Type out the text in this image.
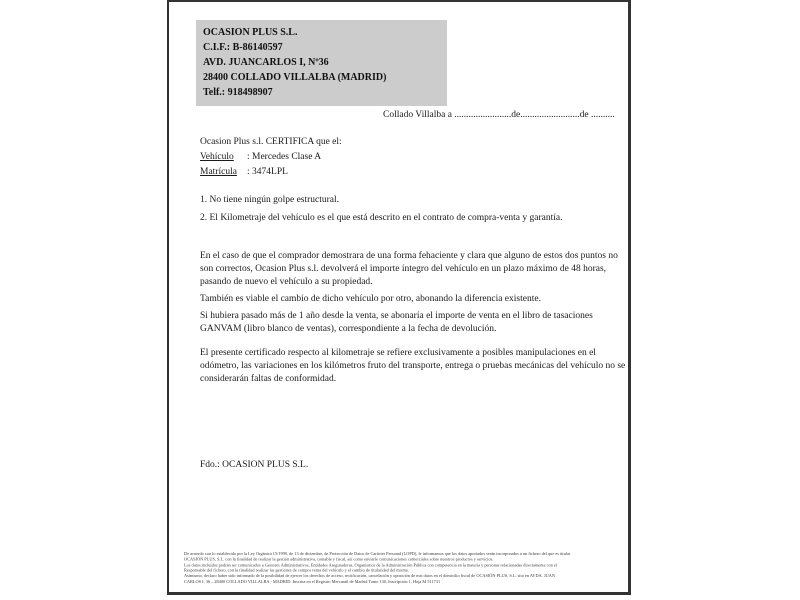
OCASION PLUS S.L.
C.I.F.: B-86140597
AVD. JUANCARLOS I, Nº36
28400 COLLADO VILLALBA (MADRID)
Telf.: 918498907
Collado Villalba a ........................de.........................de ..........
Ocasion Plus s.l. CERTIFICA que el:
Vehículo : Mercedes Clase A
Matrícula : 3474LPL
1. No tiene ningún golpe estructural.
2. El Kilometraje del vehículo es el que está descrito en el contrato de compra-venta y garantía.
En el caso de que el comprador demostrara de una forma fehaciente y clara que alguno de estos dos puntos no son correctos, Ocasion Plus s.l. devolverá el importe íntegro del vehículo en un plazo máximo de 48 horas, pasando de nuevo el vehículo a su propiedad.
También es viable el cambio de dicho vehículo por otro, abonando la diferencia existente.
Si hubiera pasado más de 1 año desde la venta, se abonaría el importe de venta en el libro de tasaciones GANVAM (libro blanco de ventas), correspondiente a la fecha de devolución.
El presente certificado respecto al kilometraje se refiere exclusivamente a posibles manipulaciones en el odómetro, las variaciones en los kilómetros fruto del transporte, entrega o pruebas mecánicas del vehículo no se considerarán faltas de conformidad.
Fdo.: OCASION PLUS S.L.
De acuerdo con lo establecido por la Ley Orgánica 15/1999, de 13 de diciembre, de Protección de Datos de Carácter Personal (LOPD), le informamos que los datos aportados serán incorporados a un fichero del que es titular
OCASIÓN PLUS, S.L. con la finalidad de realizar la gestión administrativa, contable y fiscal, así como enviarle comunicaciones comerciales sobre nuestros productos y servicios.
Los datos incluidos podrán ser comunicados a Gestores Administrativos, Entidades Aseguradoras, Organismos de la Administración Pública con competencia en la materia y personas relacionadas directamente con el
Responsable del fichero, con la finalidad realizar las gestiones de compra venta del vehículo y el cambio de titularidad del mismo.
Asimismo, declaro haber sido informado de la posibilidad de ejercer los derechos de acceso, rectificación, cancelación y oposición de mis datos en el domicilio fiscal de OCASIÓN PLUS, S.L. sito en AVDA. JUAN
CARLOS I, 36 – 28400 COLLADO VILLALBA - MADRID. Inscrita en el Registro Mercantil de Madrid Tomo 130, Inscripción 1, Hoja M 511731
